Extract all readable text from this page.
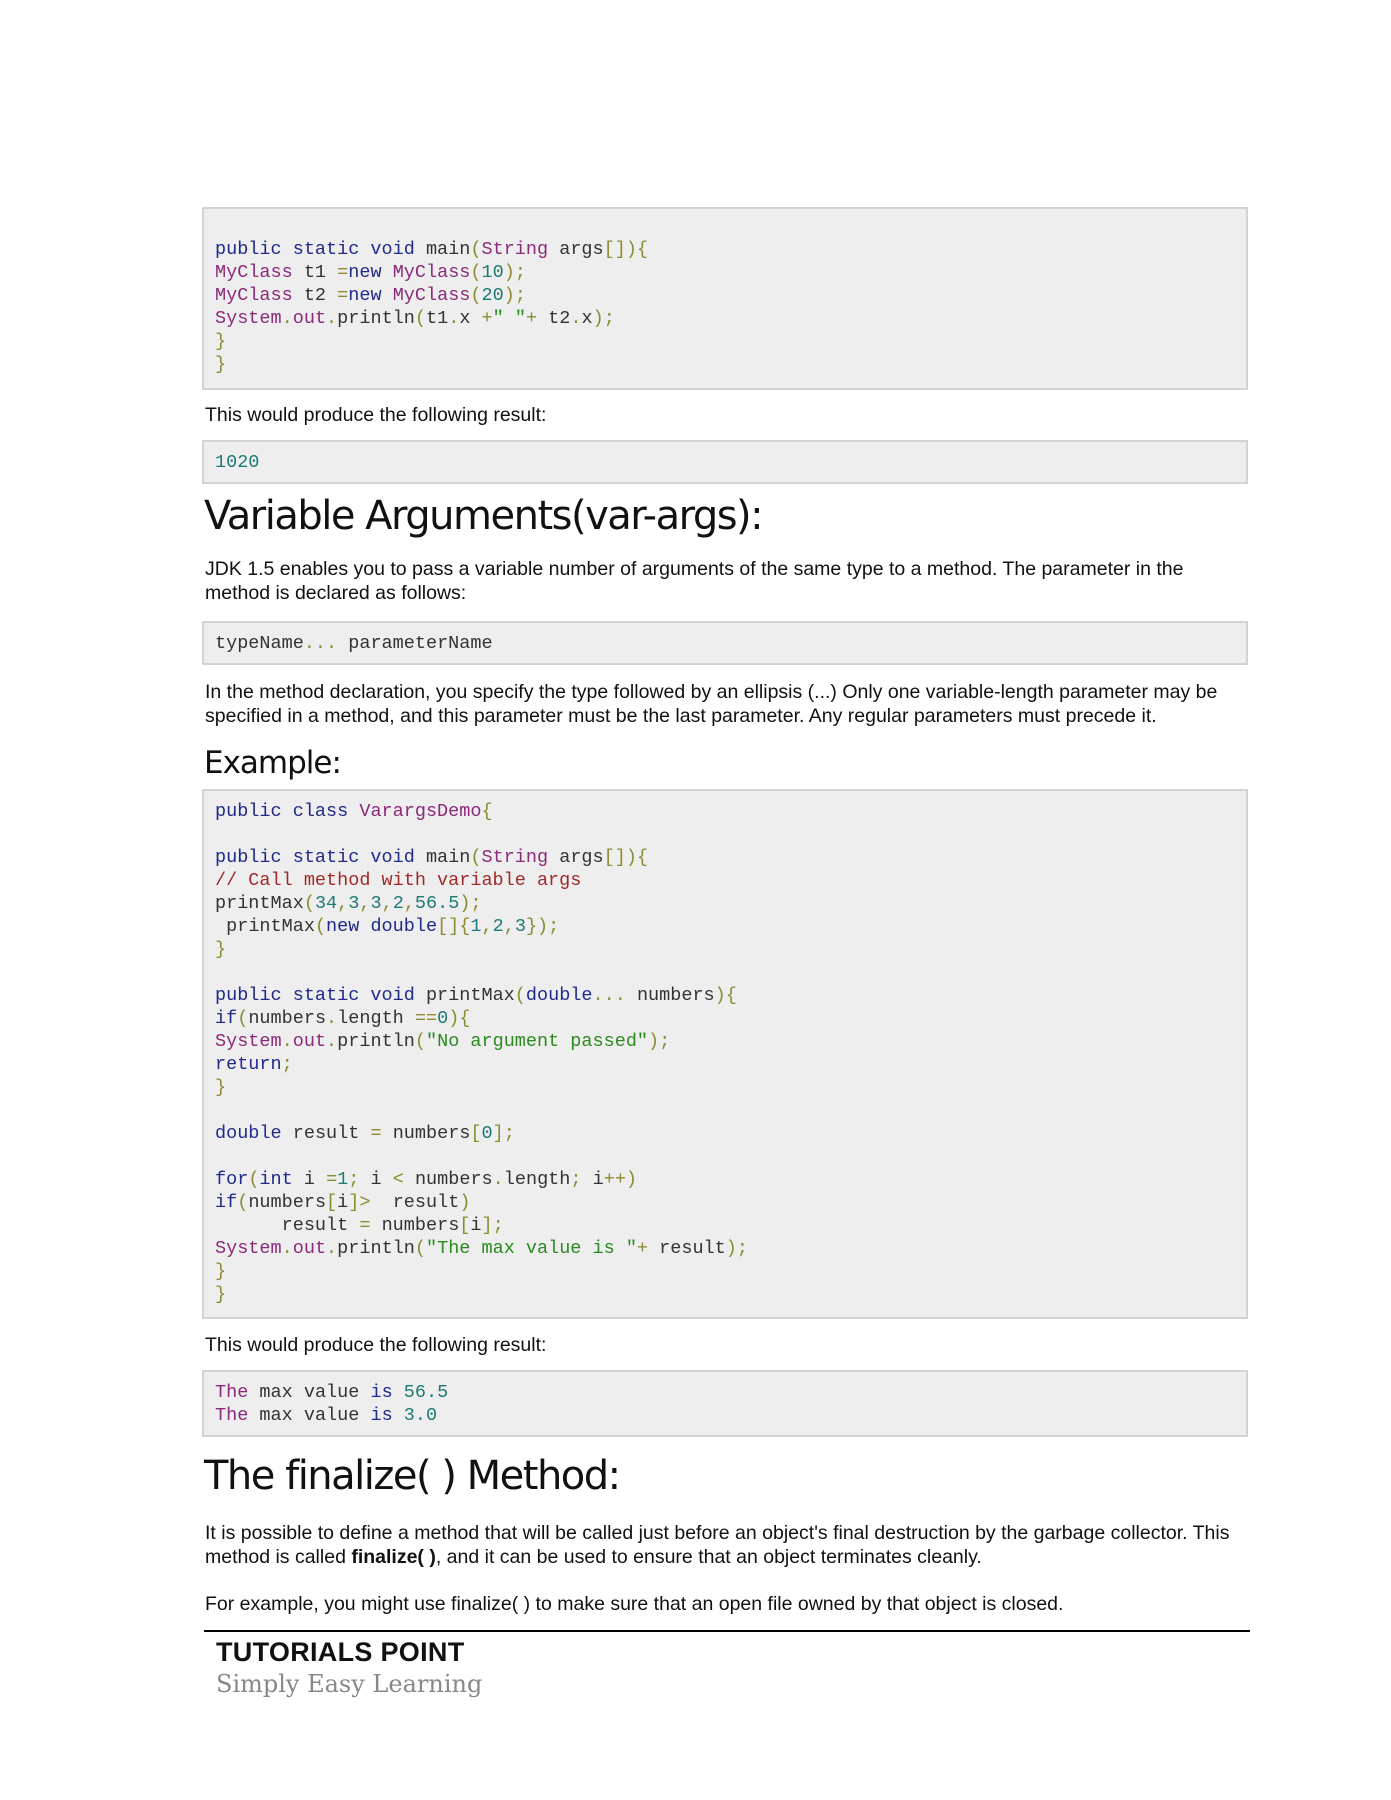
public static void main(String args[]){
MyClass t1 =new MyClass(10);
MyClass t2 =new MyClass(20);
System.out.println(t1.x +" "+ t2.x);
}
}
This would produce the following result:
1020
Variable Arguments(var-args):
JDK 1.5 enables you to pass a variable number of arguments of the same type to a method. The parameter in the method is declared as follows:
typeName... parameterName
In the method declaration, you specify the type followed by an ellipsis (...) Only one variable-length parameter may be specified in a method, and this parameter must be the last parameter. Any regular parameters must precede it.
Example:
public class VarargsDemo{
public static void main(String args[]){
// Call method with variable args
printMax(34,3,3,2,56.5);
printMax(new double[]{1,2,3});
}
public static void printMax(double... numbers){
if(numbers.length ==0){
System.out.println("No argument passed");
return;
}
double result = numbers[0];
for(int i =1; i < numbers.length; i++)
if(numbers[i]> result)
result = numbers[i];
System.out.println("The max value is "+ result);
}
}
This would produce the following result:
The max value is 56.5
The max value is 3.0
The finalize( ) Method:
It is possible to define a method that will be called just before an object's final destruction by the garbage collector. This method is called finalize( ), and it can be used to ensure that an object terminates cleanly.
For example, you might use finalize( ) to make sure that an open file owned by that object is closed.
TUTORIALS POINT
Simply Easy Learning
